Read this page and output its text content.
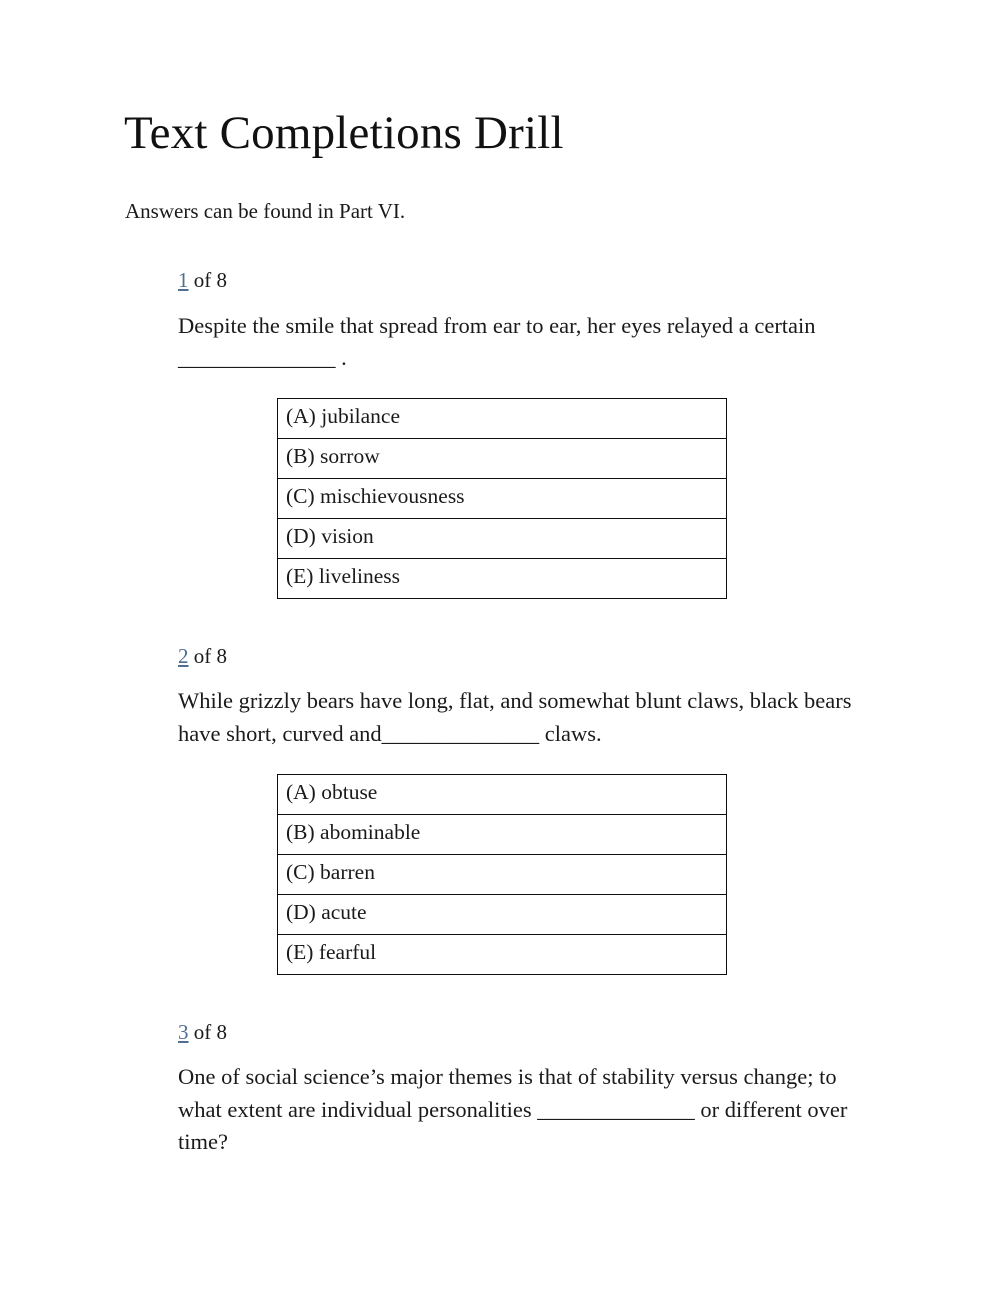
Text Completions Drill
Answers can be found in Part VI.
1 of 8

Despite the smile that spread from ear to ear, her eyes relayed a certain ______________ .

(A) jubilance
(B) sorrow
(C) mischievousness
(D) vision
(E) liveliness
2 of 8

While grizzly bears have long, flat, and somewhat blunt claws, black bears have short, curved and______________ claws.

(A) obtuse
(B) abominable
(C) barren
(D) acute
(E) fearful
3 of 8

One of social science’s major themes is that of stability versus change; to what extent are individual personalities ______________ or different over time?
